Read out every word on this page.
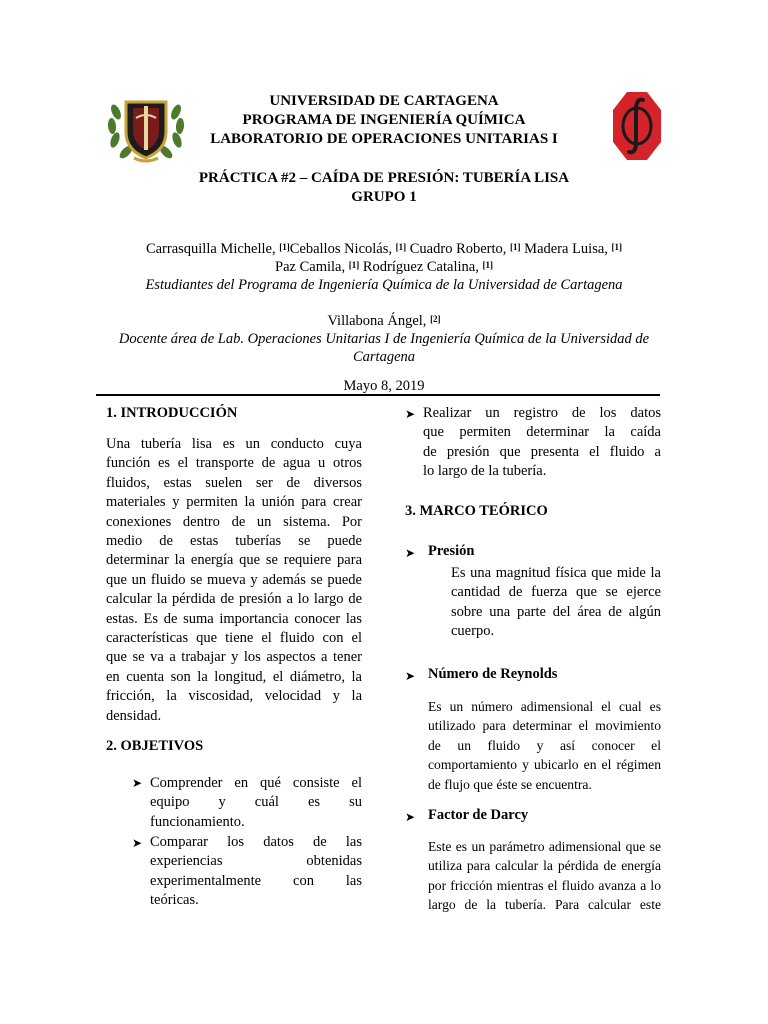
UNIVERSIDAD DE CARTAGENA
PROGRAMA DE INGENIERÍA QUÍMICA
LABORATORIO DE OPERACIONES UNITARIAS I
PRÁCTICA #2 – CAÍDA DE PRESIÓN: TUBERÍA LISA
GRUPO 1
Carrasquilla Michelle, [1]Ceballos Nicolás, [1] Cuadro Roberto, [1] Madera Luisa, [1]
Paz Camila, [1] Rodríguez Catalina, [1]
Estudiantes del Programa de Ingeniería Química de la Universidad de Cartagena
Villabona Ángel, [2]
Docente área de Lab. Operaciones Unitarias I de Ingeniería Química de la Universidad de
Cartagena
Mayo 8, 2019
1. INTRODUCCIÓN
Una tubería lisa es un conducto cuya
función es el transporte de agua u otros
fluidos, estas suelen ser de diversos
materiales y permiten la unión para crear
conexiones dentro de un sistema. Por
medio de estas tuberías se puede
determinar la energía que se requiere para
que un fluido se mueva y además se puede
calcular la pérdida de presión a lo largo de
estas. Es de suma importancia conocer las
características que tiene el fluido con el
que se va a trabajar y los aspectos a tener
en cuenta son la longitud, el diámetro, la
fricción, la viscosidad, velocidad y la
densidad.
2. OBJETIVOS
➤ Comprender en qué consiste el
equipo y cuál es su
funcionamiento.
➤ Comparar los datos de las
experiencias obtenidas
experimentalmente con las
teóricas.
➤ Realizar un registro de los datos
que permiten determinar la caída
de presión que presenta el fluido a
lo largo de la tubería.
3. MARCO TEÓRICO
➤ Presión
Es una magnitud física que mide la
cantidad de fuerza que se ejerce
sobre una parte del área de algún
cuerpo.
➤ Número de Reynolds
Es un número adimensional el cual es
utilizado para determinar el movimiento
de un fluido y así conocer el
comportamiento y ubicarlo en el régimen
de flujo que éste se encuentra.
➤ Factor de Darcy
Este es un parámetro adimensional que se
utiliza para calcular la pérdida de energía
por fricción mientras el fluido avanza a lo
largo de la tubería. Para calcular este
